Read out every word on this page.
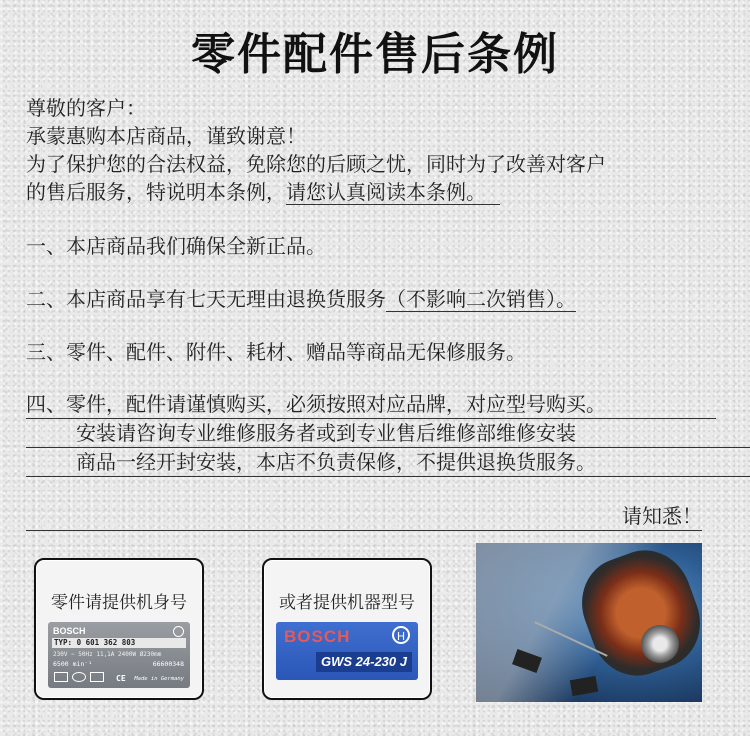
零件配件售后条例
尊敬的客户：
承蒙惠购本店商品，谨致谢意！
为了保护您的合法权益，免除您的后顾之忧，同时为了改善对客户
的售后服务，特说明本条例，请您认真阅读本条例。
一、本店商品我们确保全新正品。
二、本店商品享有七天无理由退换货服务（不影响二次销售）。
三、零件、配件、附件、耗材、赠品等商品无保修服务。
四、零件，配件请谨慎购买，必须按照对应品牌，对应型号购买。
安装请咨询专业维修服务者或到专业售后维修部维修安装
商品一经开封安装，本店不负责保修，不提供退换货服务。
请知悉！
零件请提供机身号
BOSCH
TYP: 0 601 362 803
230V ~ 50Hz 11,1A 2400W Ø230mm
6500 min⁻¹	66600348
CE Made in Germany
或者提供机器型号
BOSCH	H
GWS 24-230 J
